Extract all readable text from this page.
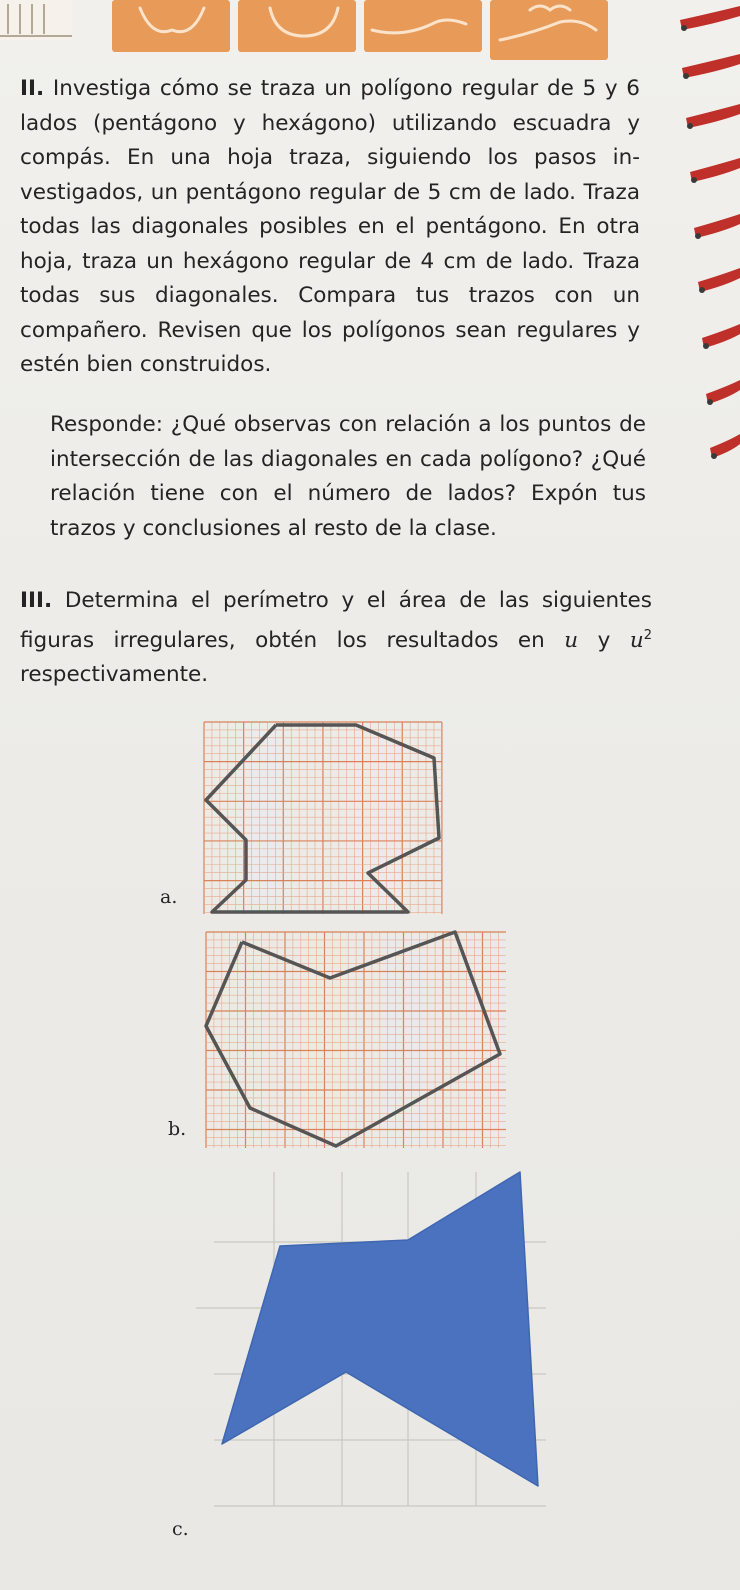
II. Investiga cómo se traza un polígono regular de 5 y 6 lados (pentágono y hexágono) utilizando escuadra y compás. En una hoja traza, siguiendo los pasos investigados, un pentágono regular de 5 cm de lado. Traza todas las diagonales posibles en el pentágono. En otra hoja, traza un hexágono regular de 4 cm de lado. Traza todas sus diagonales. Compara tus trazos con un compañero. Revisen que los polígonos sean regulares y estén bien construidos.
Responde: ¿Qué observas con relación a los puntos de intersección de las diagonales en cada polígono? ¿Qué relación tiene con el número de lados? Expón tus trazos y conclusiones al resto de la clase.
III. Determina el perímetro y el área de las siguientes figuras irregulares, obtén los resultados en u y $u^2$ respectivamente.
a.
b.
c.
